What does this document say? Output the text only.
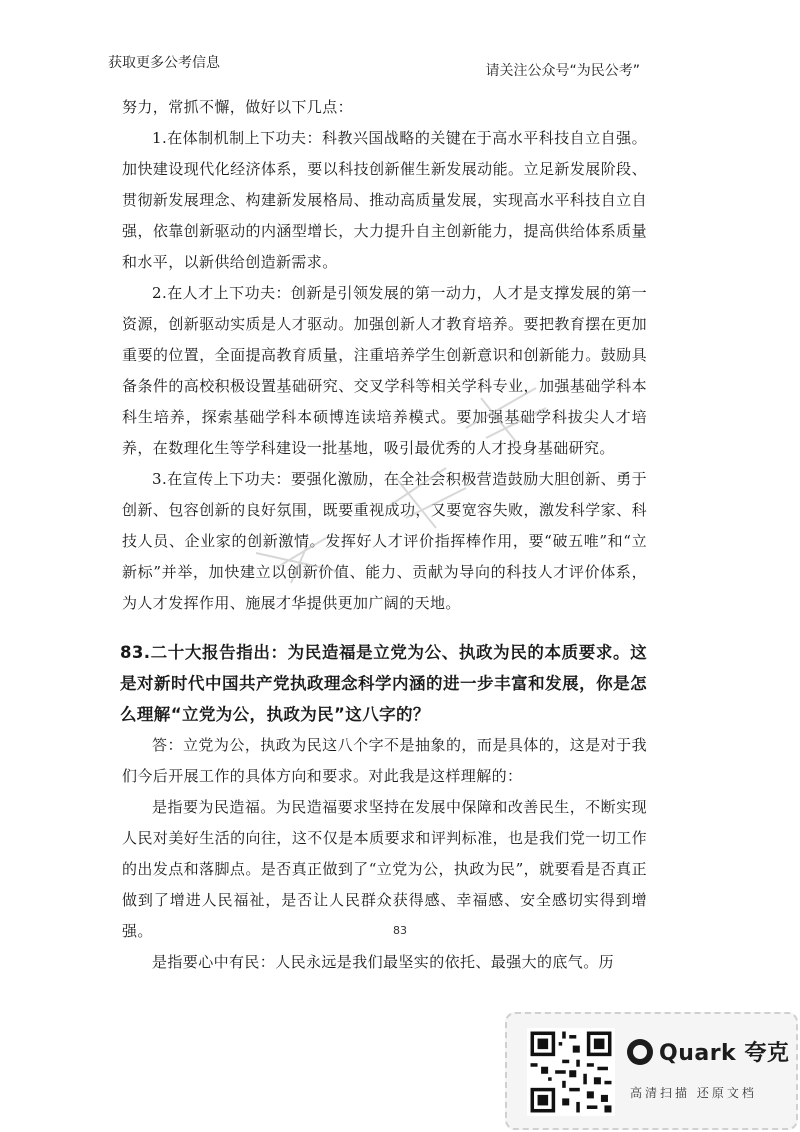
获取更多公考信息	请关注公众号“为民公考”

努力，常抓不懈，做好以下几点：

1.在体制机制上下功夫：科教兴国战略的关键在于高水平科技自立自强。加快建设现代化经济体系，要以科技创新催生新发展动能。立足新发展阶段、贯彻新发展理念、构建新发展格局、推动高质量发展，实现高水平科技自立自强，依靠创新驱动的内涵型增长，大力提升自主创新能力，提高供给体系质量和水平，以新供给创造新需求。

2.在人才上下功夫：创新是引领发展的第一动力，人才是支撑发展的第一资源，创新驱动实质是人才驱动。加强创新人才教育培养。要把教育摆在更加重要的位置，全面提高教育质量，注重培养学生创新意识和创新能力。鼓励具备条件的高校积极设置基础研究、交叉学科等相关学科专业，加强基础学科本科生培养，探索基础学科本硕博连读培养模式。要加强基础学科拔尖人才培养，在数理化生等学科建设一批基地，吸引最优秀的人才投身基础研究。

3.在宣传上下功夫：要强化激励，在全社会积极营造鼓励大胆创新、勇于创新、包容创新的良好氛围，既要重视成功，又要宽容失败，激发科学家、科技人员、企业家的创新激情。发挥好人才评价指挥棒作用，要“破五唯”和“立新标”并举，加快建立以创新价值、能力、贡献为导向的科技人才评价体系，为人才发挥作用、施展才华提供更加广阔的天地。

83.二十大报告指出：为民造福是立党为公、执政为民的本质要求。这是对新时代中国共产党执政理念科学内涵的进一步丰富和发展，你是怎么理解“立党为公，执政为民”这八字的？

答：立党为公，执政为民这八个字不是抽象的，而是具体的，这是对于我们今后开展工作的具体方向和要求。对此我是这样理解的：

是指要为民造福。为民造福要求坚持在发展中保障和改善民生，不断实现人民对美好生活的向往，这不仅是本质要求和评判标准，也是我们党一切工作的出发点和落脚点。是否真正做到了“立党为公，执政为民”，就要看是否真正做到了增进人民福祉，是否让人民群众获得感、幸福感、安全感切实得到增强。

是指要心中有民：人民永远是我们最坚实的依托、最强大的底气。历

83
Quark 夸克
高清扫描 还原文档
